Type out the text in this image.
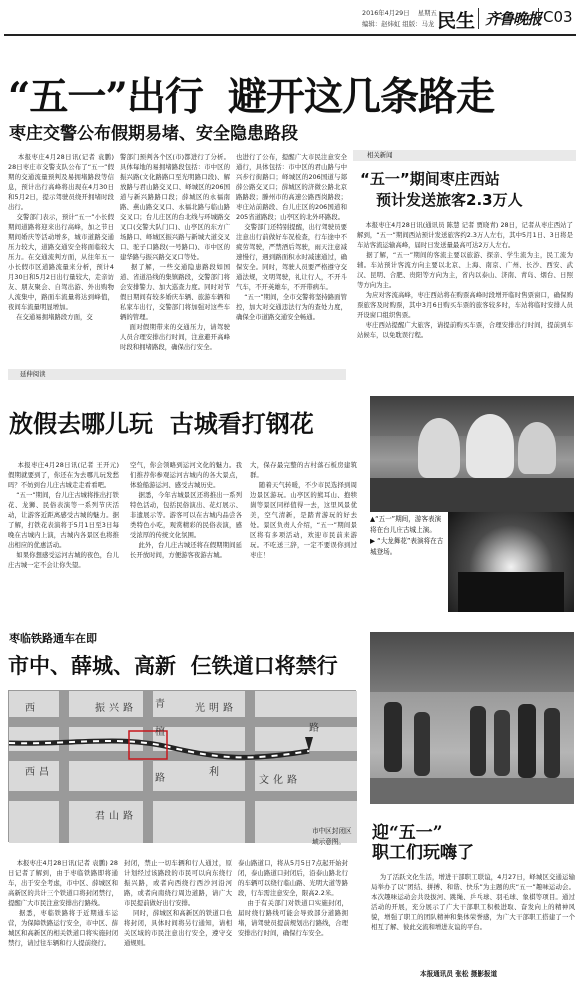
2016年4月29日 星期五
编辑：赵炜虹 组版：马龙 民生 齐鲁晚报 C03
“五一”出行  避开这几条路走
枣庄交警公布假期易堵、安全隐患路段
本报枣庄4月28日讯(记者 袁鹏) 28日枣庄市交警支队公布了“五一”假期的交通流量预判及易拥堵路段等信息，预计出行高峰将出现在4月30日和5月2日，提示驾驶员绕开拥堵时段出行。
交警部门表示，预计“五一”小长假期间道路将迎来出行高峰，加之节日期间婚庆等活动增多，城市道路交通压力较大，道路交通安全将面临较大压力。在交通流判方面，从往年五一小长假市区道路流量来分析，预计4月30日和5月2日出行量较大，走亲访友、朋友聚会、自驾出游、外出购物人流集中，路面车流量将达到峰值，夜间车流量明显增加。
在交通易拥堵路段方面，交
警部门预判各个区(市)都进行了分析。具体每地的易拥堵路段包括：市中区的振兴路(文化路路口至光明路口段)、解放路与君山路交叉口、峄城区的206国道与新兴路路口段；薛城区的永福南路、燕山路交叉口、永福北路与临山路交叉口；台儿庄区的台北线与环城路交叉口(交警大队门口)、山亭区的东方广场路口、峄城区振兴路与新城大道交叉口、驼子口路段(一号路口)、市中区的建华路与振兴路交叉口等处。
据了解，一些交通隐患路段如国道、省道沿线的集镇路段，交警部门将会安排警力、加大巡查力度。同时对节假日期间有较多婚庆车辆、旅游车辆和私家车出行，交警部门将加强对这些车辆的管理。
面对假期带来的交通压力，请驾驶人员合理安排出行时间，注意避开高峰时段和拥堵路段，确保出行安全。
也进行了公布，提醒广大市民注意安全通行，具体包括：市中区的君山路与中兴步行街路口；峄城区的206国道与郯薛公路交叉口；薛城区的济微公路北京路路段；滕州市的高速公路西岗路段；枣庄站前路段、台儿庄区的206国道和205省道路段；山亭区的北外环路段。
交警部门还特别提醒，出行驾驶员要注意出行前做好车况检查，行车途中不疲劳驾驶，严禁酒后驾驶，雨天注意减速慢行，遇到路面积水时减速通过，确保安全。同时，驾驶人员要严格遵守交通法规，文明驾驶，礼让行人，不开斗气车，不开英雄车，不开带病车。
“五一”期间，全市交警将坚持路面管控，加大对交通违法行为的查处力度，确保全市道路交通安全畅通。
相关新闻
“五一”期间枣庄西站
预计发送旅客2.3万人
本报枣庄4月28日讯(通讯员 陈慧 记者 贾晓青) 28日，记者从枣庄西站了解到，“五一”期间西站预计发送旅客约2.3万人左右，其中5月1日、3日将是车站客流运输高峰，届时日发送量最高可达2万人左右。
据了解，“五一”期间的客流主要以旅游、探亲、学生流为主，民工流为辅。车站预计客流方向主要以北京、上海、南京、广州、长沙、西安、武汉、昆明、合肥、贵阳等方向为主，省内以泰山、济南、青岛、烟台、日照等方向为主。
为应对客流高峰，枣庄西站将在购票高峰时段增开临时售票窗口，确保购票旅客及时购票，其中3月6日购买车票的旅客较多时，车站将临时安排人员开设窗口组织售票。
枣庄西站提醒广大旅客，请提前购买车票，合理安排出行时间，提前到车站候车，以免耽误行程。
延伸阅读
放假去哪儿玩  古城看打钢花
本报枣庄4月28日讯(记者 王开元) 假期就要到了，你还在为去哪儿玩发愁吗？不妨到台儿庄古城走走看看吧。
“五一”期间，台儿庄古城将推出打铁花、龙狮、民俗表演等一系列节庆活动，让游客近距离感受古城的魅力。据了解，打铁花表演将于5月1日至3日每晚在古城内上演，古城内各景区也将推出相应的优惠活动。
如果你想感受运河古城的夜色，台儿庄古城一定不会让你失望。
空气，你会领略到运河文化的魅力。我们推荐你参观运河古城内的各大景点，体验船游运河、感受古城历史。
据悉，今年古城景区还将推出一系列特色活动，包括民俗演出、花灯展示、非遗展示等。游客可以在古城内品尝各类特色小吃，观赏精彩的民俗表演，感受浓厚的传统文化氛围。
此外，台儿庄古城还将在假期期间延长开放时间，方便游客夜游古城。
大，保存最完整的古村落石板房建筑群。
随着天气转暖，不少市民选择到周边景区游玩。山亭区的熊耳山、抱犊崮等景区同样值得一去，这里风景优美，空气清新，是踏青游玩的好去处。景区负责人介绍，“五一”期间景区将有多项活动，欢迎市民前来游玩。不吃送三辞，一定不要误你到过枣庄！
▲“五一”期间，游客表演将在台儿庄古城上演。
▶ “大龙舞花”表演将在古城登场。
枣临铁路通车在即
市中、薛城、高新  仨铁道口将禁行
西	振 兴 路	光 明 路
君 山 路
青
檀
路
西 昌
路
文 化 路
利
市中区封闭区域示意图。
本报枣庄4月28日讯(记者 袁鹏) 28日记者了解到，由于枣临铁路即将通车，出于安全考虑，市中区、薛城区和高新区的共计三个铁道口将封闭禁行，提醒广大市民注意安排出行路线。
据悉，枣临铁路将于近期通车运营，为保障铁路运行安全，市中区、薛城区和高新区的相关铁道口将实施封闭禁行，请过往车辆和行人提前绕行。
封闭，禁止一切车辆和行人通过，原计划经过该路段的市民可以向东绕行振兴路，或者向西绕行西沙河沿河路，或者向南绕行周边道路，请广大市民提前做好出行安排。
同时，薛城区和高新区的铁道口也将封闭，具体时间将另行通知，请相关区域的市民注意出行安全，遵守交通规则。
泰山路道口，将从5月5日7点起开始封闭，泰山路道口封闭后，沿泰山路北行的车辆可以绕行临山路、光明大道等路段，行车需注意安全，限高2.2米。
由于有关部门对铁道口实施封闭，届时绕行路线可能会导致部分道路拥堵，请驾驶员提前规划出行路线，合理安排出行时间，确保行车安全。
迎“五一”
职工们玩嗨了
为了活跃文化生活，增进干部职工联谊，4月27日，峄城区交通运输局举办了以“团结、拼搏、和谐、快乐”为主题的庆“五一”趣味运动会。本次趣味运动会共设拔河、跳绳、乒乓球、羽毛球、象棋等项目。通过活动的开展，充分展示了广大干部职工积极进取、奋发向上的精神风貌，增强了职工的团队精神和集体荣誉感，为广大干部职工搭建了一个相互了解、彼此交流和增进友谊的平台。
本报通讯员 张松 摄影报道
